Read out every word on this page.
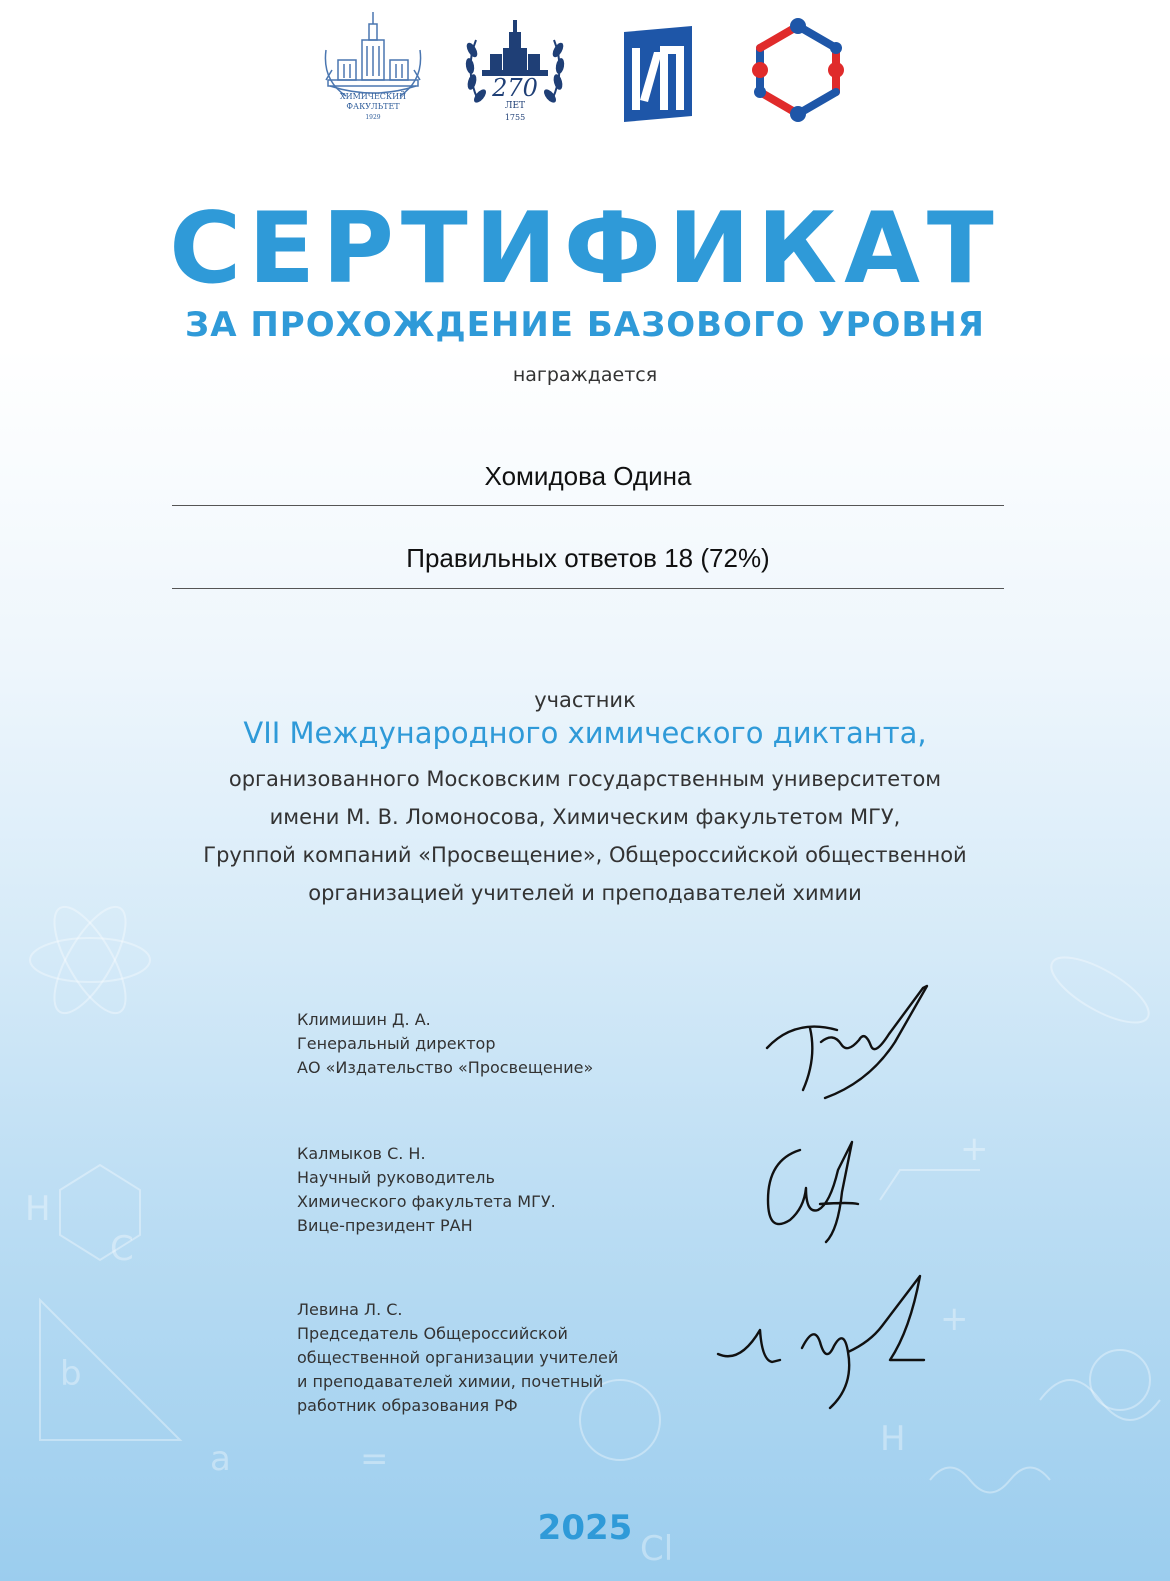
a
b
=
+
+
H
C
H
Cl
ХИМИЧЕСКИЙ
ФАКУЛЬТЕТ
1929
270
ЛЕТ
1755
СЕРТИФИКАТ
ЗА ПРОХОЖДЕНИЕ БАЗОВОГО УРОВНЯ
награждается
Хомидова Одина
Правильных ответов 18 (72%)
участник
VII Международного химического диктанта,
организованного Московским государственным университетом
имени М. В. Ломоносова, Химическим факультетом МГУ,
Группой компаний «Просвещение», Общероссийской общественной
организацией учителей и преподавателей химии
Климишин Д. А.
Генеральный директор
АО «Издательство «Просвещение»
Калмыков С. Н.
Научный руководитель
Химического факультета МГУ.
Вице-президент РАН
Левина Л. С.
Председатель Общероссийской
общественной организации учителей
и преподавателей химии, почетный
работник образования РФ
2025
